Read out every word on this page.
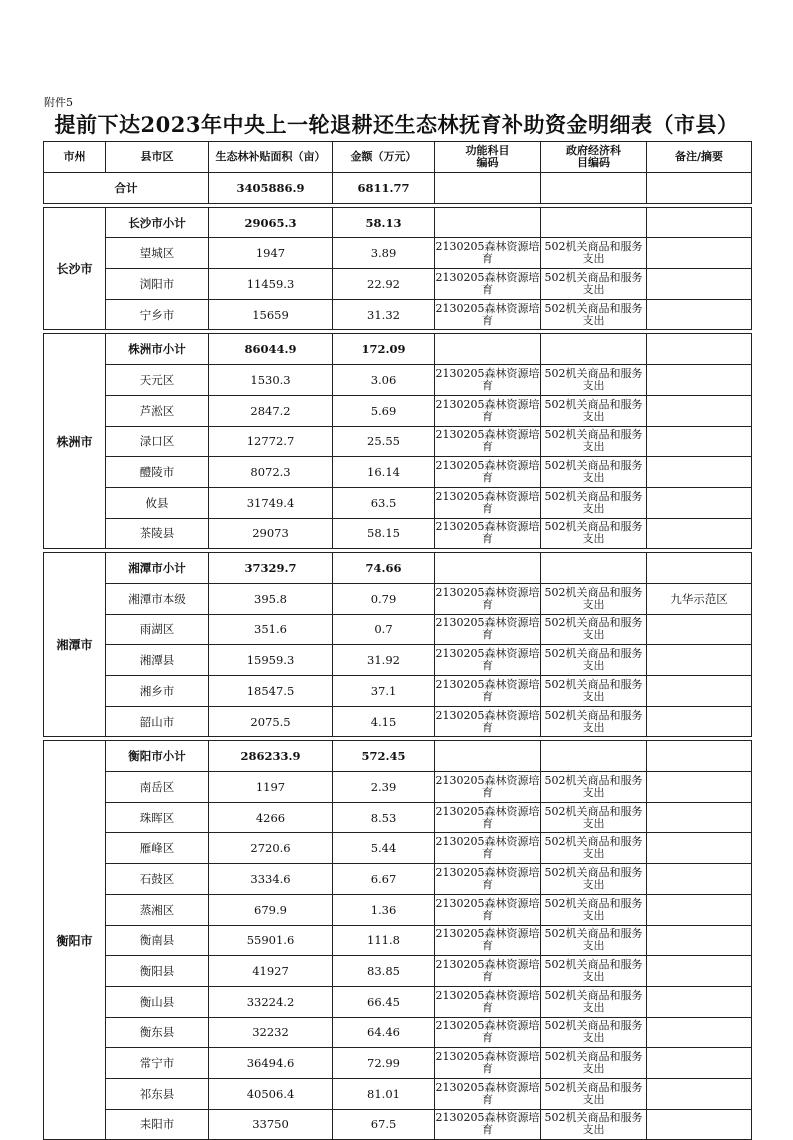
附件5
提前下达2023年中央上一轮退耕还生态林抚育补助资金明细表（市县）
市州	县市区	生态林补贴面积（亩）	金额（万元）	功能科目编码	政府经济科目编码	备注/摘要
合计		3405886.9	6811.77			

长沙市	长沙市小计	29065.3	58.13			
	望城区	1947	3.89	2130205森林资源培育	502机关商品和服务支出	
	浏阳市	11459.3	22.92	2130205森林资源培育	502机关商品和服务支出	
	宁乡市	15659	31.32	2130205森林资源培育	502机关商品和服务支出	

株洲市	株洲市小计	86044.9	172.09			
	天元区	1530.3	3.06	2130205森林资源培育	502机关商品和服务支出	
	芦淞区	2847.2	5.69	2130205森林资源培育	502机关商品和服务支出	
	渌口区	12772.7	25.55	2130205森林资源培育	502机关商品和服务支出	
	醴陵市	8072.3	16.14	2130205森林资源培育	502机关商品和服务支出	
	攸县	31749.4	63.5	2130205森林资源培育	502机关商品和服务支出	
	茶陵县	29073	58.15	2130205森林资源培育	502机关商品和服务支出	

湘潭市	湘潭市小计	37329.7	74.66			
	湘潭市本级	395.8	0.79	2130205森林资源培育	502机关商品和服务支出	九华示范区
	雨湖区	351.6	0.7	2130205森林资源培育	502机关商品和服务支出	
	湘潭县	15959.3	31.92	2130205森林资源培育	502机关商品和服务支出	
	湘乡市	18547.5	37.1	2130205森林资源培育	502机关商品和服务支出	
	韶山市	2075.5	4.15	2130205森林资源培育	502机关商品和服务支出	

衡阳市	衡阳市小计	286233.9	572.45			
	南岳区	1197	2.39	2130205森林资源培育	502机关商品和服务支出	
	珠晖区	4266	8.53	2130205森林资源培育	502机关商品和服务支出	
	雁峰区	2720.6	5.44	2130205森林资源培育	502机关商品和服务支出	
	石鼓区	3334.6	6.67	2130205森林资源培育	502机关商品和服务支出	
	蒸湘区	679.9	1.36	2130205森林资源培育	502机关商品和服务支出	
	衡南县	55901.6	111.8	2130205森林资源培育	502机关商品和服务支出	
	衡阳县	41927	83.85	2130205森林资源培育	502机关商品和服务支出	
	衡山县	33224.2	66.45	2130205森林资源培育	502机关商品和服务支出	
	衡东县	32232	64.46	2130205森林资源培育	502机关商品和服务支出	
	常宁市	36494.6	72.99	2130205森林资源培育	502机关商品和服务支出	
	祁东县	40506.4	81.01	2130205森林资源培育	502机关商品和服务支出	
	耒阳市	33750	67.5	2130205森林资源培育	502机关商品和服务支出	
